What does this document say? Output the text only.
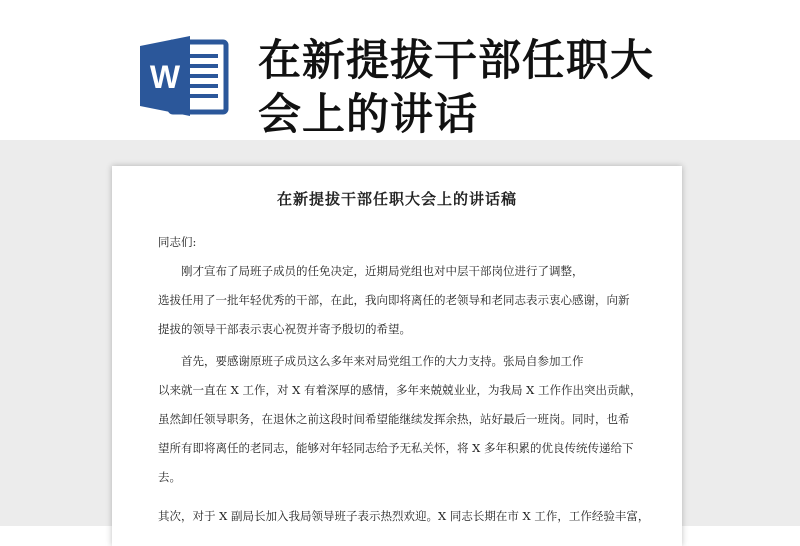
W 在新提拔干部任职大
会上的讲话
在新提拔干部任职大会上的讲话稿
同志们:
　　刚才宣布了局班子成员的任免决定，近期局党组也对中层干部岗位进行了调整，
选拔任用了一批年轻优秀的干部，在此，我向即将离任的老领导和老同志表示衷心感谢，向新
提拔的领导干部表示衷心祝贺并寄予殷切的希望。
　　首先，要感谢原班子成员这么多年来对局党组工作的大力支持。张局自参加工作
以来就一直在 X 工作，对 X 有着深厚的感情，多年来兢兢业业，为我局 X 工作作出突出贡献，
虽然卸任领导职务，在退休之前这段时间希望能继续发挥余热，站好最后一班岗。同时，也希
望所有即将离任的老同志，能够对年轻同志给予无私关怀，将 X 多年积累的优良传统传递给下
去。
其次，对于 X 副局长加入我局领导班子表示热烈欢迎。X 同志长期在市 X 工作，工作经验丰富，
